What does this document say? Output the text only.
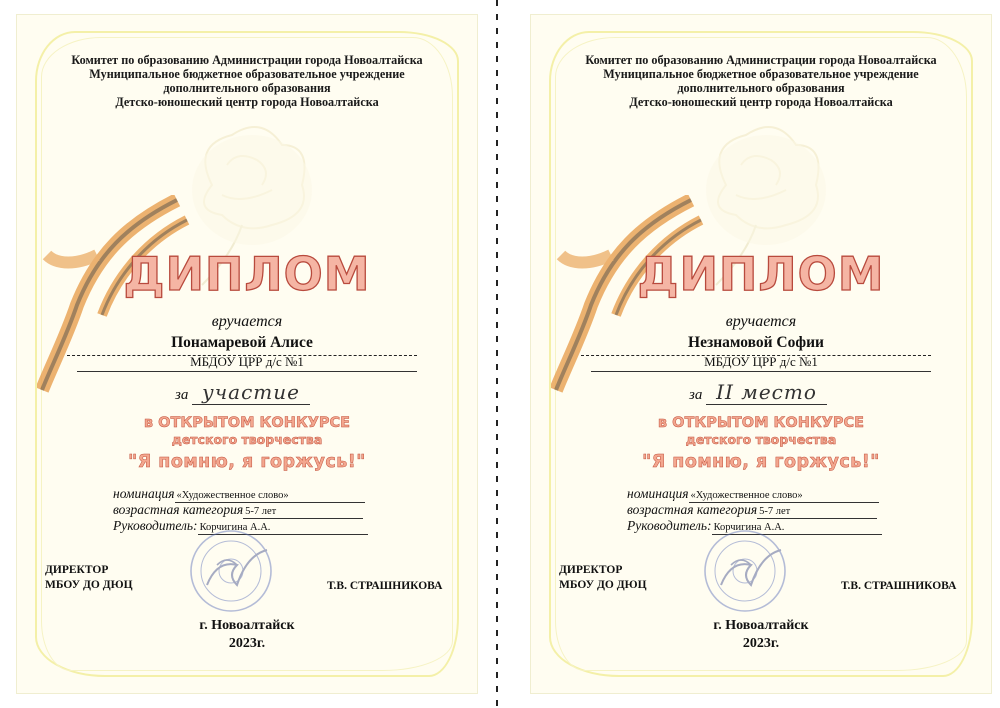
Комитет по образованию Администрации города Новоалтайска
Муниципальное бюджетное образовательное учреждение
дополнительного образования
Детско-юношеский центр города Новоалтайска
ДИПЛОМ
вручается
Понамаревой Алисе
МБДОУ ЦРР д/с №1
за участие
в ОТКРЫТОМ КОНКУРСЕ
детского творчества
"Я помню, я горжусь!"
номинация «Художественное слово»
возрастная категория 5-7 лет
Руководитель: Корчигина А.А.
ДИРЕКТОР
МБОУ ДО ДЮЦ	Т.В. СТРАШНИКОВА
г. Новоалтайск
2023г.
Комитет по образованию Администрации города Новоалтайска
Муниципальное бюджетное образовательное учреждение
дополнительного образования
Детско-юношеский центр города Новоалтайска
ДИПЛОМ
вручается
Незнамовой Софии
МБДОУ ЦРР д/с №1
за II место
в ОТКРЫТОМ КОНКУРСЕ
детского творчества
"Я помню, я горжусь!"
номинация «Художественное слово»
возрастная категория 5-7 лет
Руководитель: Корчигина А.А.
ДИРЕКТОР
МБОУ ДО ДЮЦ	Т.В. СТРАШНИКОВА
г. Новоалтайск
2023г.
